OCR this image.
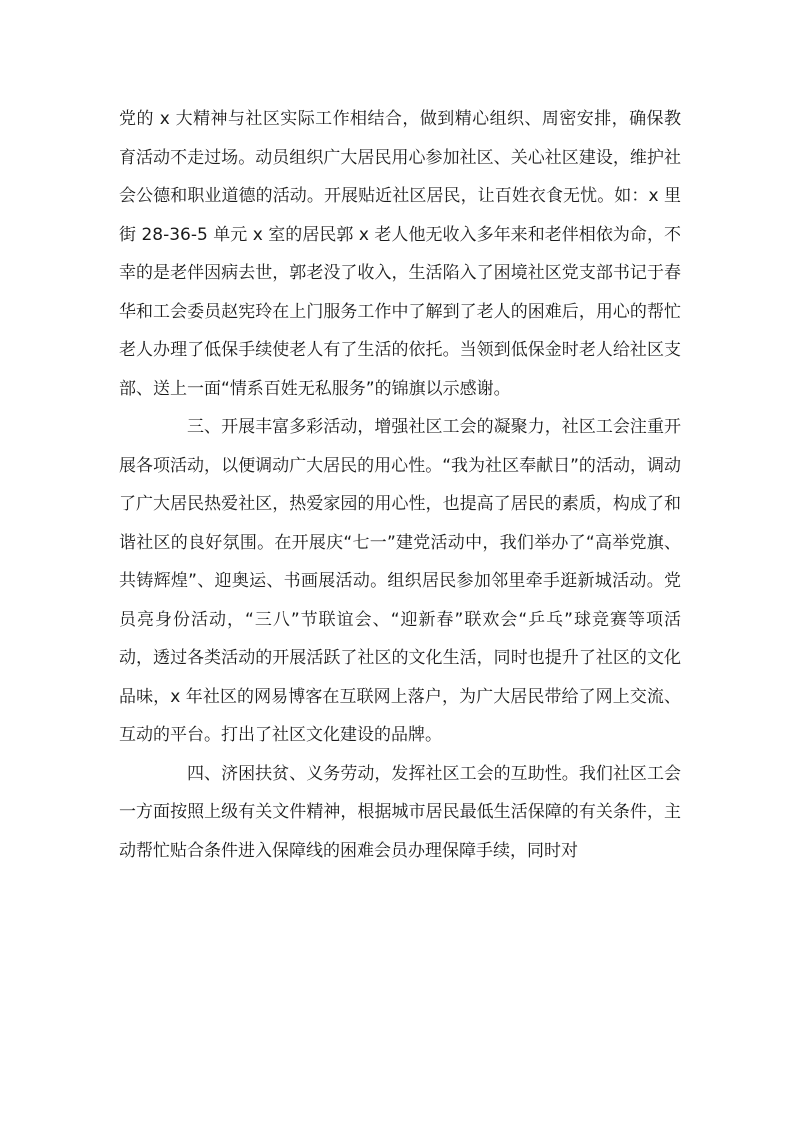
党的 x 大精神与社区实际工作相结合，做到精心组织、周密安排，确保教育活动不走过场。动员组织广大居民用心参加社区、关心社区建设，维护社会公德和职业道德的活动。开展贴近社区居民，让百姓衣食无忧。如：x 里街 28-36-5 单元 x 室的居民郭 x 老人他无收入多年来和老伴相依为命，不幸的是老伴因病去世，郭老没了收入，生活陷入了困境社区党支部书记于春华和工会委员赵宪玲在上门服务工作中了解到了老人的困难后，用心的帮忙老人办理了低保手续使老人有了生活的依托。当领到低保金时老人给社区支部、送上一面“情系百姓无私服务”的锦旗以示感谢。

三、开展丰富多彩活动，增强社区工会的凝聚力，社区工会注重开展各项活动，以便调动广大居民的用心性。“我为社区奉献日”的活动，调动了广大居民热爱社区，热爱家园的用心性，也提高了居民的素质，构成了和谐社区的良好氛围。在开展庆“七一”建党活动中，我们举办了“高举党旗、共铸辉煌”、迎奥运、书画展活动。组织居民参加邻里牵手逛新城活动。党员亮身份活动，“三八”节联谊会、“迎新春”联欢会“乒乓”球竞赛等项活动，透过各类活动的开展活跃了社区的文化生活，同时也提升了社区的文化品味，x 年社区的网易博客在互联网上落户，为广大居民带给了网上交流、互动的平台。打出了社区文化建设的品牌。

四、济困扶贫、义务劳动，发挥社区工会的互助性。我们社区工会一方面按照上级有关文件精神，根据城市居民最低生活保障的有关条件，主动帮忙贴合条件进入保障线的困难会员办理保障手续，同时对
